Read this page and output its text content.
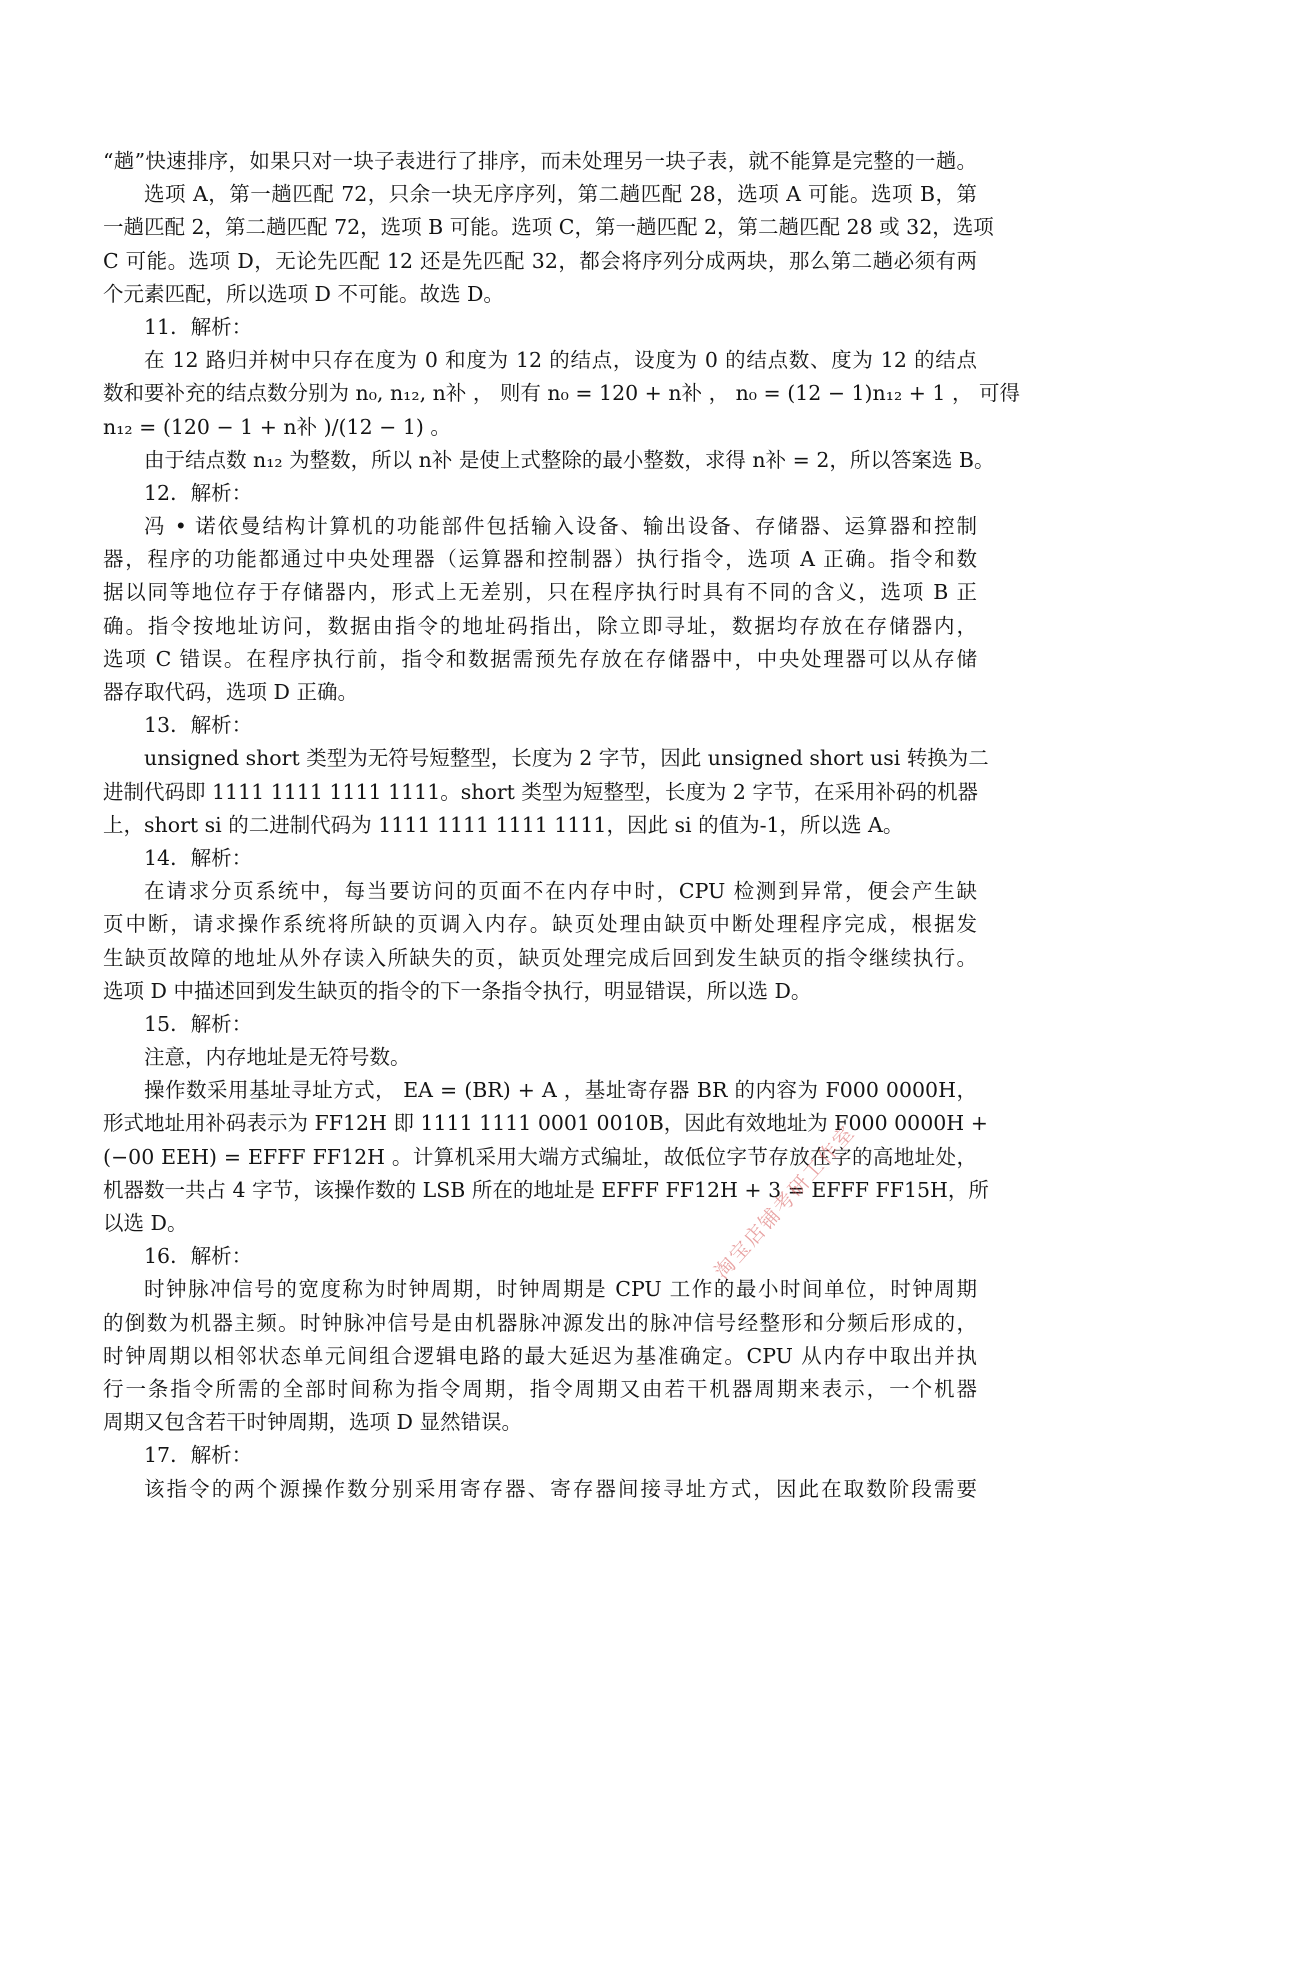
“趟”快速排序，如果只对一块子表进行了排序，而未处理另一块子表，就不能算是完整的一趟。
选项 A，第一趟匹配 72，只余一块无序序列，第二趟匹配 28，选项 A 可能。选项 B，第
一趟匹配 2，第二趟匹配 72，选项 B 可能。选项 C，第一趟匹配 2，第二趟匹配 28 或 32，选项
C 可能。选项 D，无论先匹配 12 还是先匹配 32，都会将序列分成两块，那么第二趟必须有两
个元素匹配，所以选项 D 不可能。故选 D。
11．解析：
在 12 路归并树中只存在度为 0 和度为 12 的结点，设度为 0 的结点数、度为 12 的结点
数和要补充的结点数分别为 n₀, n₁₂, n补 ， 则有 n₀ = 120 + n补 ， n₀ = (12 − 1)n₁₂ + 1 ， 可得
n₁₂ = (120 − 1 + n补 )/(12 − 1) 。
由于结点数 n₁₂ 为整数，所以 n补 是使上式整除的最小整数，求得 n补 = 2，所以答案选 B。
12．解析：
冯 • 诺依曼结构计算机的功能部件包括输入设备、输出设备、存储器、运算器和控制
器，程序的功能都通过中央处理器（运算器和控制器）执行指令，选项 A 正确。指令和数
据以同等地位存于存储器内，形式上无差别，只在程序执行时具有不同的含义，选项 B 正
确。指令按地址访问，数据由指令的地址码指出，除立即寻址，数据均存放在存储器内，
选项 C 错误。在程序执行前，指令和数据需预先存放在存储器中，中央处理器可以从存储
器存取代码，选项 D 正确。
13．解析：
unsigned short 类型为无符号短整型，长度为 2 字节，因此 unsigned short usi 转换为二
进制代码即 1111 1111 1111 1111。short 类型为短整型，长度为 2 字节，在采用补码的机器
上，short si 的二进制代码为 1111 1111 1111 1111，因此 si 的值为-1，所以选 A。
14．解析：
在请求分页系统中，每当要访问的页面不在内存中时，CPU 检测到异常，便会产生缺
页中断，请求操作系统将所缺的页调入内存。缺页处理由缺页中断处理程序完成，根据发
生缺页故障的地址从外存读入所缺失的页，缺页处理完成后回到发生缺页的指令继续执行。
选项 D 中描述回到发生缺页的指令的下一条指令执行，明显错误，所以选 D。
15．解析：
注意，内存地址是无符号数。
操作数采用基址寻址方式， EA = (BR) + A ，基址寄存器 BR 的内容为 F000 0000H，
形式地址用补码表示为 FF12H 即 1111 1111 0001 0010B，因此有效地址为 F000 0000H +
(−00 EEH) = EFFF FF12H 。计算机采用大端方式编址，故低位字节存放在字的高地址处，
机器数一共占 4 字节，该操作数的 LSB 所在的地址是 EFFF FF12H + 3 = EFFF FF15H，所
以选 D。
16．解析：
时钟脉冲信号的宽度称为时钟周期，时钟周期是 CPU 工作的最小时间单位，时钟周期
的倒数为机器主频。时钟脉冲信号是由机器脉冲源发出的脉冲信号经整形和分频后形成的，
时钟周期以相邻状态单元间组合逻辑电路的最大延迟为基准确定。CPU 从内存中取出并执
行一条指令所需的全部时间称为指令周期，指令周期又由若干机器周期来表示，一个机器
周期又包含若干时钟周期，选项 D 显然错误。
17．解析：
该指令的两个源操作数分别采用寄存器、寄存器间接寻址方式，因此在取数阶段需要
淘宝店铺考研工作室
